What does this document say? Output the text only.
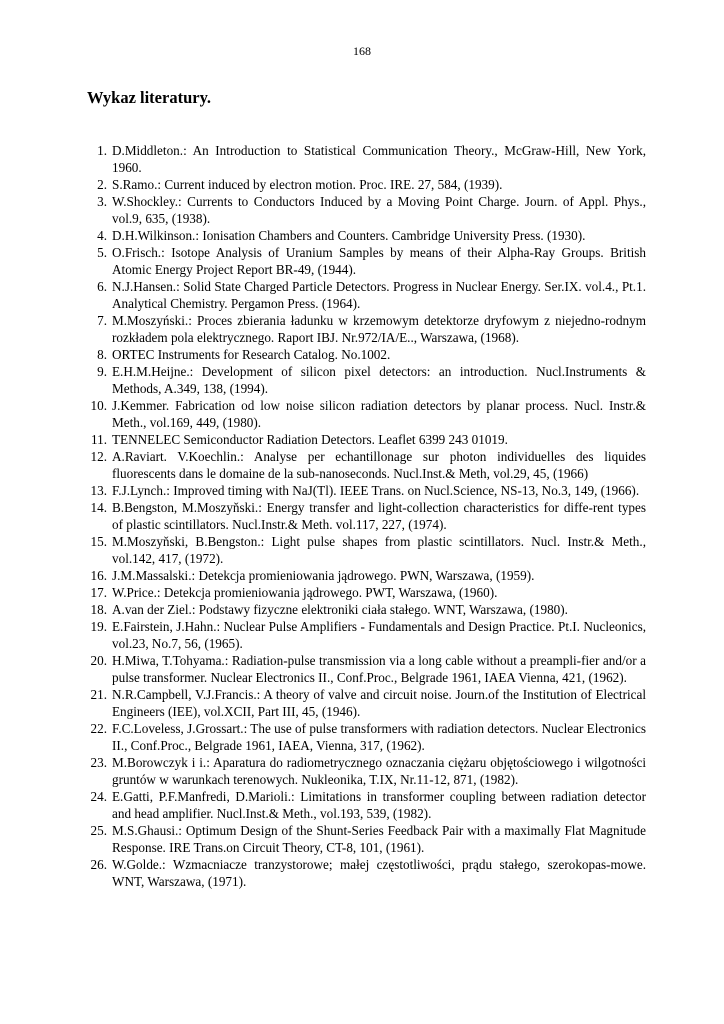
168
Wykaz literatury.
1. D.Middleton.: An Introduction to Statistical Communication Theory., McGraw-Hill, New York, 1960.
2. S.Ramo.: Current induced by electron motion. Proc. IRE. 27, 584, (1939).
3. W.Shockley.: Currents to Conductors Induced by a Moving Point Charge. Journ. of Appl. Phys., vol.9, 635, (1938).
4. D.H.Wilkinson.: Ionisation Chambers and Counters. Cambridge University Press. (1930).
5. O.Frisch.: Isotope Analysis of Uranium Samples by means of their Alpha-Ray Groups. British Atomic Energy Project Report BR-49, (1944).
6. N.J.Hansen.: Solid State Charged Particle Detectors. Progress in Nuclear Energy. Ser.IX. vol.4., Pt.1. Analytical Chemistry. Pergamon Press. (1964).
7. M.Moszyński.: Proces zbierania ładunku w krzemowym detektorze dryfowym z niejedno-rodnym rozkładem pola elektrycznego. Raport IBJ. Nr.972/IA/E.., Warszawa, (1968).
8. ORTEC Instruments for Research Catalog. No.1002.
9. E.H.M.Heijne.: Development of silicon pixel detectors: an introduction. Nucl.Instruments & Methods, A.349, 138, (1994).
10. J.Kemmer. Fabrication od low noise silicon radiation detectors by planar process. Nucl. Instr.& Meth., vol.169, 449, (1980).
11. TENNELEC Semiconductor Radiation Detectors. Leaflet 6399 243 01019.
12. A.Raviart. V.Koechlin.: Analyse per echantillonage sur photon individuelles des liquides fluorescents dans le domaine de la sub-nanoseconds. Nucl.Inst.& Meth, vol.29, 45, (1966)
13. F.J.Lynch.: Improved timing with NaJ(Tl). IEEE Trans. on Nucl.Science, NS-13, No.3, 149, (1966).
14. B.Bengston, M.Moszyňski.: Energy transfer and light-collection characteristics for diffe-rent types of plastic scintillators. Nucl.Instr.& Meth. vol.117, 227, (1974).
15. M.Moszyňski, B.Bengston.: Light pulse shapes from plastic scintillators. Nucl. Instr.& Meth., vol.142, 417, (1972).
16. J.M.Massalski.: Detekcja promieniowania jądrowego. PWN, Warszawa, (1959).
17. W.Price.: Detekcja promieniowania jądrowego. PWT, Warszawa, (1960).
18. A.van der Ziel.: Podstawy fizyczne elektroniki ciała stałego. WNT, Warszawa, (1980).
19. E.Fairstein, J.Hahn.: Nuclear Pulse Amplifiers - Fundamentals and Design Practice. Pt.I. Nucleonics, vol.23, No.7, 56, (1965).
20. H.Miwa, T.Tohyama.: Radiation-pulse transmission via a long cable without a preampli-fier and/or a pulse transformer. Nuclear Electronics II., Conf.Proc., Belgrade 1961, IAEA Vienna, 421, (1962).
21. N.R.Campbell, V.J.Francis.: A theory of valve and circuit noise. Journ.of the Institution of Electrical Engineers (IEE), vol.XCII, Part III, 45, (1946).
22. F.C.Loveless, J.Grossart.: The use of pulse transformers with radiation detectors. Nuclear Electronics II., Conf.Proc., Belgrade 1961, IAEA, Vienna, 317, (1962).
23. M.Borowczyk i i.: Aparatura do radiometrycznego oznaczania ciężaru objętościowego i wilgotności gruntów w warunkach terenowych. Nukleonika, T.IX, Nr.11-12, 871, (1982).
24. E.Gatti, P.F.Manfredi, D.Marioli.: Limitations in transformer coupling between radiation detector and head amplifier. Nucl.Inst.& Meth., vol.193, 539, (1982).
25. M.S.Ghausi.: Optimum Design of the Shunt-Series Feedback Pair with a maximally Flat Magnitude Response. IRE Trans.on Circuit Theory, CT-8, 101, (1961).
26. W.Golde.: Wzmacniacze tranzystorowe; małej częstotliwości, prądu stałego, szerokopas-mowe. WNT, Warszawa, (1971).
